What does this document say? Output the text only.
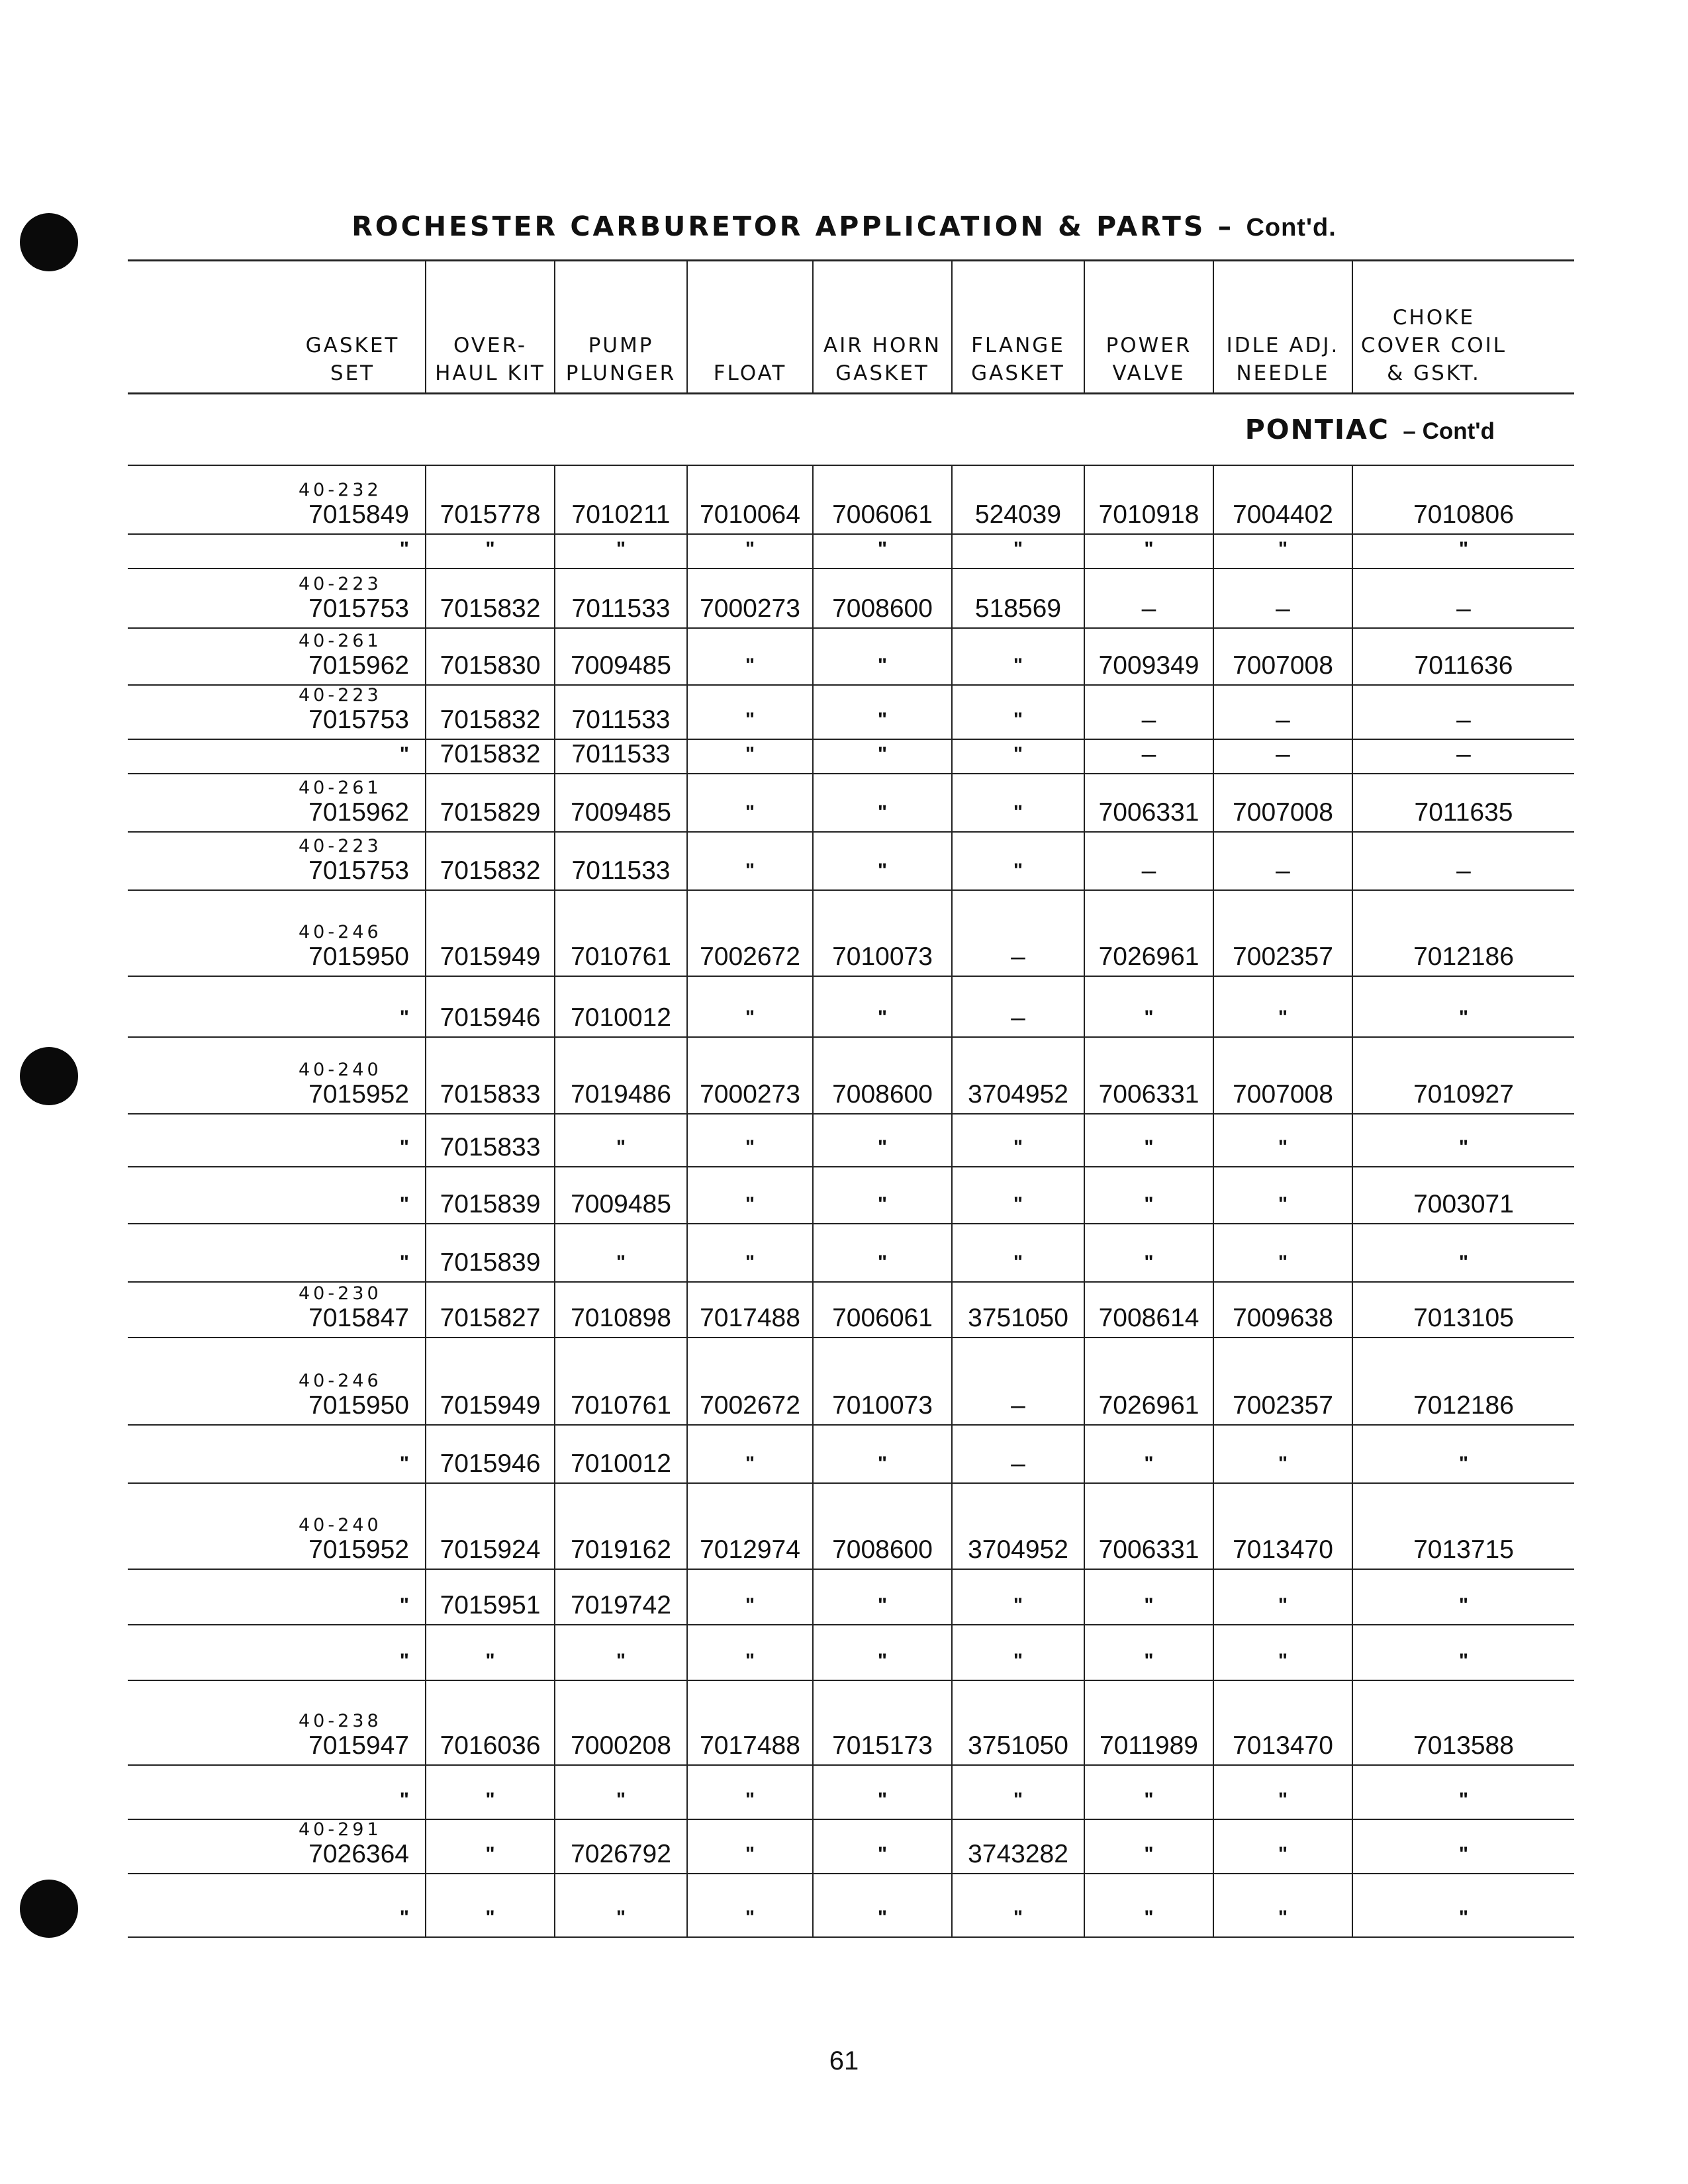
ROCHESTER CARBURETOR APPLICATION & PARTS – Cont'd.
GASKET SET	OVER- HAUL KIT	PUMP PLUNGER	FLOAT	AIR HORN GASKET	FLANGE GASKET	POWER VALVE	IDLE ADJ. NEEDLE	CHOKE COVER COIL & GSKT.
PONTIAC – Cont'd								

40-232
7015849	7015778	7010211	7010064	7006061	524039	7010918	7004402	7010806

"	"	"	"	"	"	"	"	"

40-223
7015753	7015832	7011533	7000273	7008600	518569	–	–	–

40-261
7015962	7015830	7009485	"	"	"	7009349	7007008	7011636

40-223
7015753	7015832	7011533	"	"	"	–	–	–

"	7015832	7011533	"	"	"	–	–	–

40-261
7015962	7015829	7009485	"	"	"	7006331	7007008	7011635

40-223
7015753	7015832	7011533	"	"	"	–	–	–

40-246
7015950	7015949	7010761	7002672	7010073	–	7026961	7002357	7012186

"	7015946	7010012	"	"	–	"	"	"

40-240
7015952	7015833	7019486	7000273	7008600	3704952	7006331	7007008	7010927

"	7015833	"	"	"	"	"	"	"

"	7015839	7009485	"	"	"	"	"	7003071

"	7015839	"	"	"	"	"	"	"

40-230
7015847	7015827	7010898	7017488	7006061	3751050	7008614	7009638	7013105

40-246
7015950	7015949	7010761	7002672	7010073	–	7026961	7002357	7012186

"	7015946	7010012	"	"	–	"	"	"

40-240
7015952	7015924	7019162	7012974	7008600	3704952	7006331	7013470	7013715

"	7015951	7019742	"	"	"	"	"	"

"	"	"	"	"	"	"	"	"

40-238
7015947	7016036	7000208	7017488	7015173	3751050	7011989	7013470	7013588

"	"	"	"	"	"	"	"	"

40-291
7026364	"	7026792	"	"	3743282	"	"	"

"	"	"	"	"	"	"	"	"
61
